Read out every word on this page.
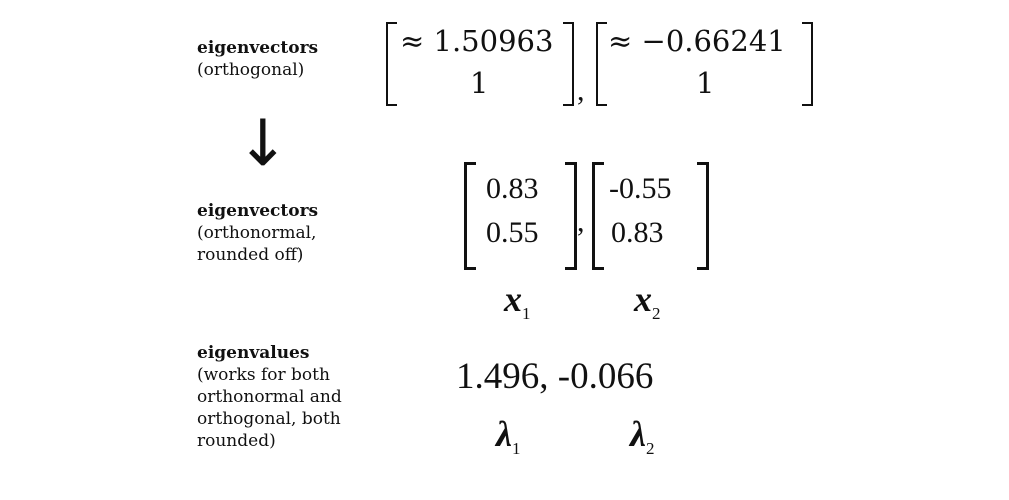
eigenvectors
(orthogonal)
↓
eigenvectors
(orthonormal,
rounded off)
eigenvalues
(works for both
orthonormal and
orthogonal, both
rounded)
≈ 1.50963
1	,
≈ −0.66241
1
0.83
0.55 ,
-0.55
0.83
$x_1$	$x_2$
1.496, -0.066
$\lambda_1$	$\lambda_2$
